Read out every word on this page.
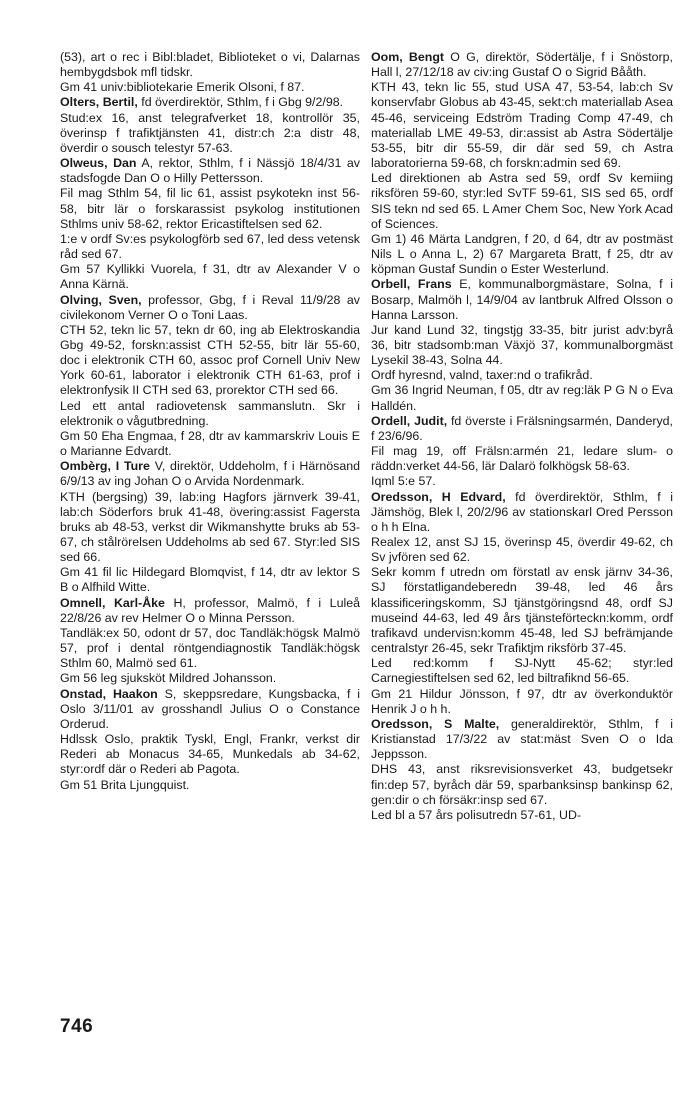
(53), art o rec i Bibl:bladet, Biblioteket o vi, Dalarnas hembygdsbok mfl tidskr.

Gm 41 univ:bibliotekarie Emerik Olsoni, f 87.

Olters, Bertil, fd överdirektör, Sthlm, f i Gbg 9/2/98.

Stud:ex 16, anst telegrafverket 18, kontrollör 35, överinsp f trafiktjänsten 41, distr:ch 2:a distr 48, överdir o sousch telestyr 57-63.

Olweus, Dan A, rektor, Sthlm, f i Nässjö 18/4/31 av stadsfogde Dan O o Hilly Pettersson.

Fil mag Sthlm 54, fil lic 61, assist psykotekn inst 56-58, bitr lär o forskarassist psykolog institutionen Sthlms univ 58-62, rektor Ericastiftelsen sed 62.

1:e v ordf Sv:es psykologförb sed 67, led dess vetensk råd sed 67.

Gm 57 Kyllikki Vuorela, f 31, dtr av Alexander V o Anna Kärnä.

Olving, Sven, professor, Gbg, f i Reval 11/9/28 av civilekonom Verner O o Toni Laas.

CTH 52, tekn lic 57, tekn dr 60, ing ab Elektroskandia Gbg 49-52, forskn:assist CTH 52-55, bitr lär 55-60, doc i elektronik CTH 60, assoc prof Cornell Univ New York 60-61, laborator i elektronik CTH 61-63, prof i elektronfysik II CTH sed 63, prorektor CTH sed 66.

Led ett antal radiovetensk sammanslutn. Skr i elektronik o vågutbredning.

Gm 50 Eha Engmaa, f 28, dtr av kammarskriv Louis E o Marianne Edvardt.

Ombèrg, I Ture V, direktör, Uddeholm, f i Härnösand 6/9/13 av ing Johan O o Arvida Nordenmark.

KTH (bergsing) 39, lab:ing Hagfors järnverk 39-41, lab:ch Söderfors bruk 41-48, övering:assist Fagersta bruks ab 48-53, verkst dir Wikmanshytte bruks ab 53-67, ch stålrörelsen Uddeholms ab sed 67. Styr:led SIS sed 66.

Gm 41 fil lic Hildegard Blomqvist, f 14, dtr av lektor S B o Alfhild Witte.

Omnell, Karl-Åke H, professor, Malmö, f i Luleå 22/8/26 av rev Helmer O o Minna Persson.

Tandläk:ex 50, odont dr 57, doc Tandläk:högsk Malmö 57, prof i dental röntgendiagnostik Tandläk:högsk Sthlm 60, Malmö sed 61.

Gm 56 leg sjuksköt Mildred Johansson.

Onstad, Haakon S, skeppsredare, Kungsbacka, f i Oslo 3/11/01 av grosshandl Julius O o Constance Orderud.

Hdlssk Oslo, praktik Tyskl, Engl, Frankr, verkst dir Rederi ab Monacus 34-65, Munkedals ab 34-62, styr:ordf där o Rederi ab Pagota.

Gm 51 Brita Ljungquist.

Oom, Bengt O G, direktör, Södertälje, f i Snöstorp, Hall l, 27/12/18 av civ:ing Gustaf O o Sigrid Bååth.

KTH 43, tekn lic 55, stud USA 47, 53-54, lab:ch Sv konservfabr Globus ab 43-45, sekt:ch materiallab Asea 45-46, serviceing Edström Trading Comp 47-49, ch materiallab LME 49-53, dir:assist ab Astra Södertälje 53-55, bitr dir 55-59, dir där sed 59, ch Astra laboratorierna 59-68, ch forskn:admin sed 69.

Led direktionen ab Astra sed 59, ordf Sv kemiing riksfören 59-60, styr:led SvTF 59-61, SIS sed 65, ordf SIS tekn nd sed 65. L Amer Chem Soc, New York Acad of Sciences.

Gm 1) 46 Märta Landgren, f 20, d 64, dtr av postmäst Nils L o Anna L, 2) 67 Margareta Bratt, f 25, dtr av köpman Gustaf Sundin o Ester Westerlund.

Orbell, Frans E, kommunalborgmästare, Solna, f i Bosarp, Malmöh l, 14/9/04 av lantbruk Alfred Olsson o Hanna Larsson.

Jur kand Lund 32, tingstjg 33-35, bitr jurist adv:byrå 36, bitr stadsomb:man Växjö 37, kommunalborgmäst Lysekil 38-43, Solna 44.

Ordf hyresnd, valnd, taxer:nd o trafikråd.

Gm 36 Ingrid Neuman, f 05, dtr av reg:läk P G N o Eva Halldén.

Ordell, Judit, fd överste i Frälsningsarmén, Danderyd, f 23/6/96.

Fil mag 19, off Frälsn:armén 21, ledare slum- o räddn:verket 44-56, lär Dalarö folkhögsk 58-63.

Iqml 5:e 57.

Oredsson, H Edvard, fd överdirektör, Sthlm, f i Jämshög, Blek l, 20/2/96 av stationskarl Ored Persson o h h Elna.

Realex 12, anst SJ 15, överinsp 45, överdir 49-62, ch Sv jvfören sed 62.

Sekr komm f utredn om förstatl av ensk järnv 34-36, SJ förstatligandeberedn 39-48, led 46 års klassificeringskomm, SJ tjänstgöringsnd 48, ordf SJ museind 44-63, led 49 års tjänsteförteckn:komm, ordf trafikavd undervisn:komm 45-48, led SJ befrämjande centralstyr 26-45, sekr Trafiktjm riksförb 37-45.

Led red:komm f SJ-Nytt 45-62; styr:led Carnegiestiftelsen sed 62, led biltrafiknd 56-65.

Gm 21 Hildur Jönsson, f 97, dtr av överkonduktör Henrik J o h h.

Oredsson, S Malte, generaldirektör, Sthlm, f i Kristianstad 17/3/22 av stat:mäst Sven O o Ida Jeppsson.

DHS 43, anst riksrevisionsverket 43, budgetsekr fin:dep 57, byråch där 59, sparbanksinsp bankinsp 62, gen:dir o ch försäkr:insp sed 67.

Led bl a 57 års polisutredn 57-61, UD-

746
